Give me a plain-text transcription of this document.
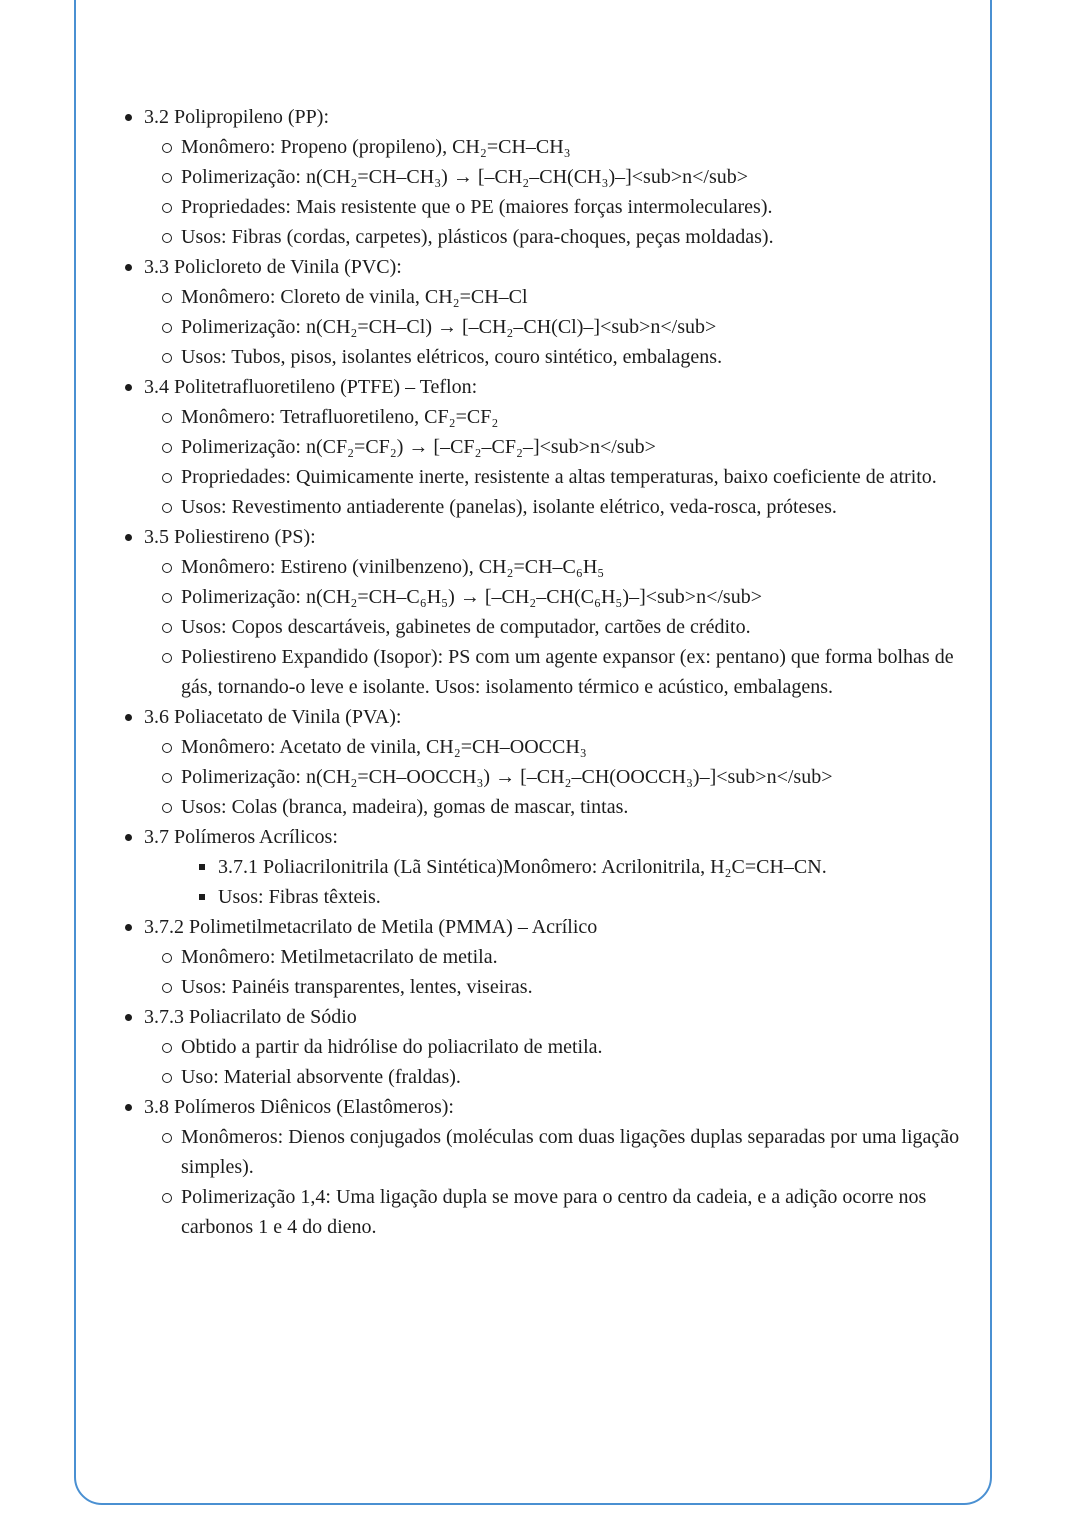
3.2 Polipropileno (PP):
Monômero: Propeno (propileno), CH₂=CH–CH₃
Polimerização: n(CH₂=CH–CH₃) → [–CH₂–CH(CH₃)–]<sub>n</sub>
Propriedades: Mais resistente que o PE (maiores forças intermoleculares).
Usos: Fibras (cordas, carpetes), plásticos (para-choques, peças moldadas).
3.3 Policloreto de Vinila (PVC):
Monômero: Cloreto de vinila, CH₂=CH–Cl
Polimerização: n(CH₂=CH–Cl) → [–CH₂–CH(Cl)–]<sub>n</sub>
Usos: Tubos, pisos, isolantes elétricos, couro sintético, embalagens.
3.4 Politetrafluoretileno (PTFE) – Teflon:
Monômero: Tetrafluoretileno, CF₂=CF₂
Polimerização: n(CF₂=CF₂) → [–CF₂–CF₂–]<sub>n</sub>
Propriedades: Quimicamente inerte, resistente a altas temperaturas, baixo coeficiente de atrito.
Usos: Revestimento antiaderente (panelas), isolante elétrico, veda-rosca, próteses.
3.5 Poliestireno (PS):
Monômero: Estireno (vinilbenzeno), CH₂=CH–C₆H₅
Polimerização: n(CH₂=CH–C₆H₅) → [–CH₂–CH(C₆H₅)–]<sub>n</sub>
Usos: Copos descartáveis, gabinetes de computador, cartões de crédito.
Poliestireno Expandido (Isopor): PS com um agente expansor (ex: pentano) que forma bolhas de gás, tornando-o leve e isolante. Usos: isolamento térmico e acústico, embalagens.
3.6 Poliacetato de Vinila (PVA):
Monômero: Acetato de vinila, CH₂=CH–OOCCH₃
Polimerização: n(CH₂=CH–OOCCH₃) → [–CH₂–CH(OOCCH₃)–]<sub>n</sub>
Usos: Colas (branca, madeira), gomas de mascar, tintas.
3.7 Polímeros Acrílicos:
3.7.1 Poliacrilonitrila (Lã Sintética)Monômero: Acrilonitrila, H₂C=CH–CN.
Usos: Fibras têxteis.
3.7.2 Polimetilmetacrilato de Metila (PMMA) – Acrílico
Monômero: Metilmetacrilato de metila.
Usos: Painéis transparentes, lentes, viseiras.
3.7.3 Poliacrilato de Sódio
Obtido a partir da hidrólise do poliacrilato de metila.
Uso: Material absorvente (fraldas).
3.8 Polímeros Diênicos (Elastômeros):
Monômeros: Dienos conjugados (moléculas com duas ligações duplas separadas por uma ligação simples).
Polimerização 1,4: Uma ligação dupla se move para o centro da cadeia, e a adição ocorre nos carbonos 1 e 4 do dieno.
